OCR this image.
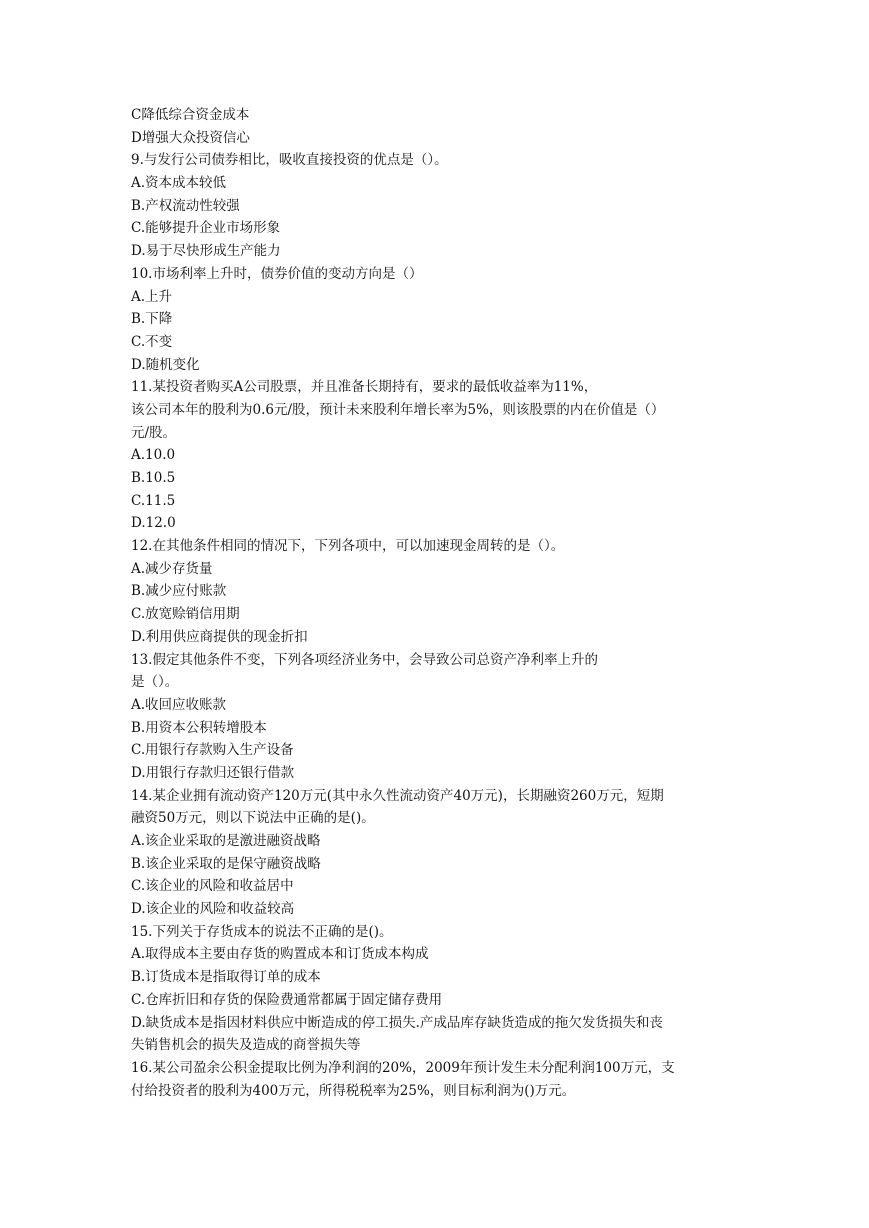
C降低综合资金成本
D增强大众投资信心
9.与发行公司债券相比，吸收直接投资的优点是（）。
A.资本成本较低
B.产权流动性较强
C.能够提升企业市场形象
D.易于尽快形成生产能力
10.市场利率上升时，债券价值的变动方向是（）
A.上升
B.下降
C.不变
D.随机变化
11.某投资者购买A公司股票，并且准备长期持有，要求的最低收益率为11%，
该公司本年的股利为0.6元/股，预计未来股利年增长率为5%，则该股票的内在价值是（）
元/股。
A.10.0
B.10.5
C.11.5
D.12.0
12.在其他条件相同的情况下，下列各项中，可以加速现金周转的是（）。
A.减少存货量
B.减少应付账款
C.放宽赊销信用期
D.利用供应商提供的现金折扣
13.假定其他条件不变，下列各项经济业务中，会导致公司总资产净利率上升的
是（）。
A.收回应收账款
B.用资本公积转增股本
C.用银行存款购入生产设备
D.用银行存款归还银行借款
14.某企业拥有流动资产120万元(其中永久性流动资产40万元)，长期融资260万元，短期
融资50万元，则以下说法中正确的是()。
A.该企业采取的是激进融资战略
B.该企业采取的是保守融资战略
C.该企业的风险和收益居中
D.该企业的风险和收益较高
15.下列关于存货成本的说法不正确的是()。
A.取得成本主要由存货的购置成本和订货成本构成
B.订货成本是指取得订单的成本
C.仓库折旧和存货的保险费通常都属于固定储存费用
D.缺货成本是指因材料供应中断造成的停工损失.产成品库存缺货造成的拖欠发货损失和丧
失销售机会的损失及造成的商誉损失等
16.某公司盈余公积金提取比例为净利润的20%，2009年预计发生未分配利润100万元，支
付给投资者的股利为400万元，所得税税率为25%，则目标利润为()万元。
